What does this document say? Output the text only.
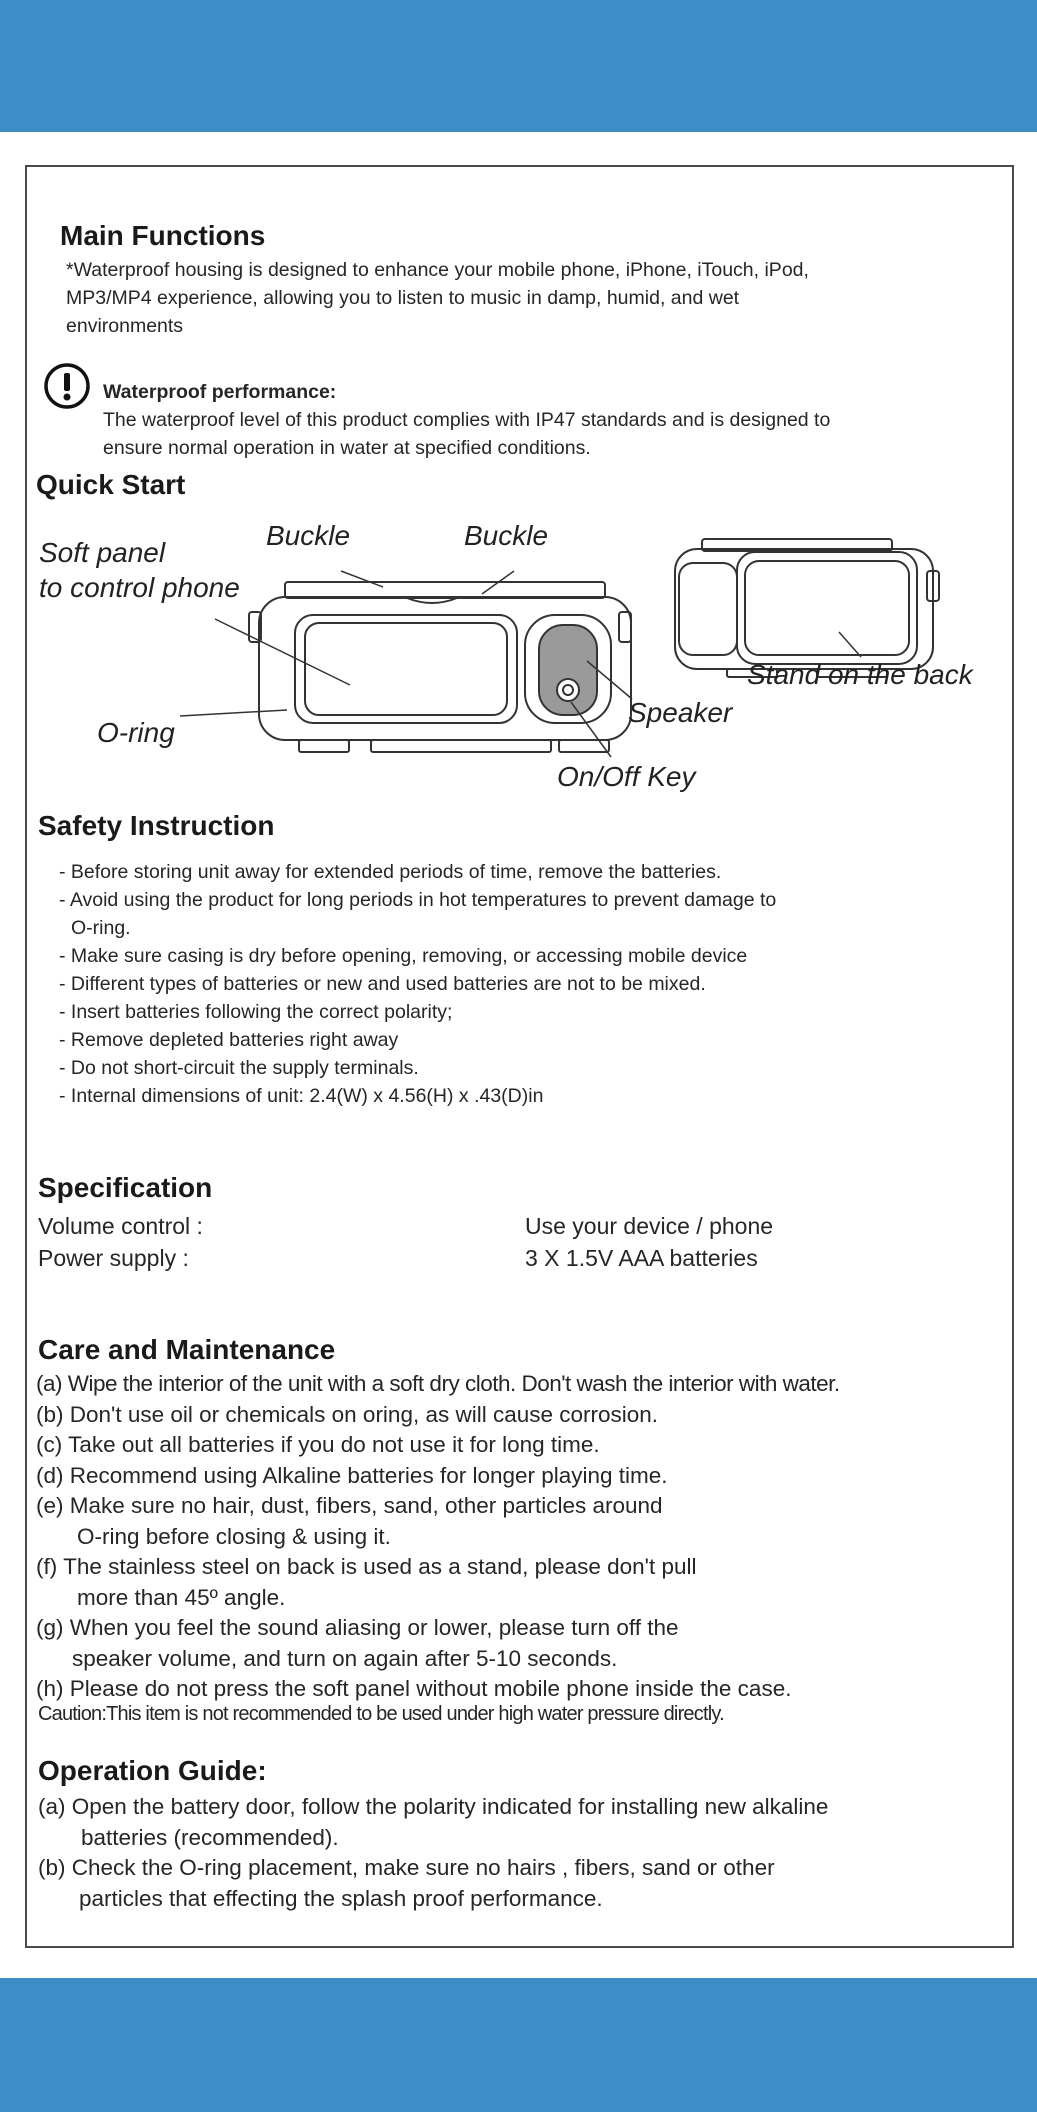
Main Functions
*Waterproof housing is designed to enhance your mobile phone, iPhone, iTouch, iPod,
MP3/MP4 experience, allowing you to listen to music in damp, humid, and wet
environments
Waterproof performance:
The waterproof level of this product complies with IP47 standards and is designed to
ensure normal operation in water at specified conditions.
Quick Start
Soft panel
to control phone
Buckle	Buckle
O-ring
Speaker
On/Off Key
Stand on the back
Safety Instruction
- Before storing unit away for extended periods of time, remove the batteries.
- Avoid using the product for long periods in hot temperatures to prevent damage to
O-ring.
- Make sure casing is dry before opening, removing, or accessing mobile device
- Different types of batteries or new and used batteries are not to be mixed.
- Insert batteries following the correct polarity;
- Remove depleted batteries right away
- Do not short-circuit the supply terminals.
- Internal dimensions of unit: 2.4(W) x 4.56(H) x .43(D)in
Specification
Volume control :	Use your device / phone
Power supply :	3 X 1.5V AAA batteries
Care and Maintenance
(a) Wipe the interior of the unit with a soft dry cloth. Don't wash the interior with water.
(b) Don't use oil or chemicals on oring, as will cause corrosion.
(c) Take out all batteries if you do not use it for long time.
(d) Recommend using Alkaline batteries for longer playing time.
(e) Make sure no hair, dust, fibers, sand, other particles around
O-ring before closing & using it.
(f) The stainless steel on back is used as a stand, please don't pull
more than 45º angle.
(g) When you feel the sound aliasing or lower, please turn off the
speaker volume, and turn on again after 5-10 seconds.
(h) Please do not press the soft panel without mobile phone inside the case.
Caution:This item is not recommended to be used under high water pressure directly.
Operation Guide:
(a) Open the battery door, follow the polarity indicated for installing new alkaline
batteries (recommended).
(b) Check the O-ring placement, make sure no hairs , fibers, sand or other
particles that effecting the splash proof performance.
